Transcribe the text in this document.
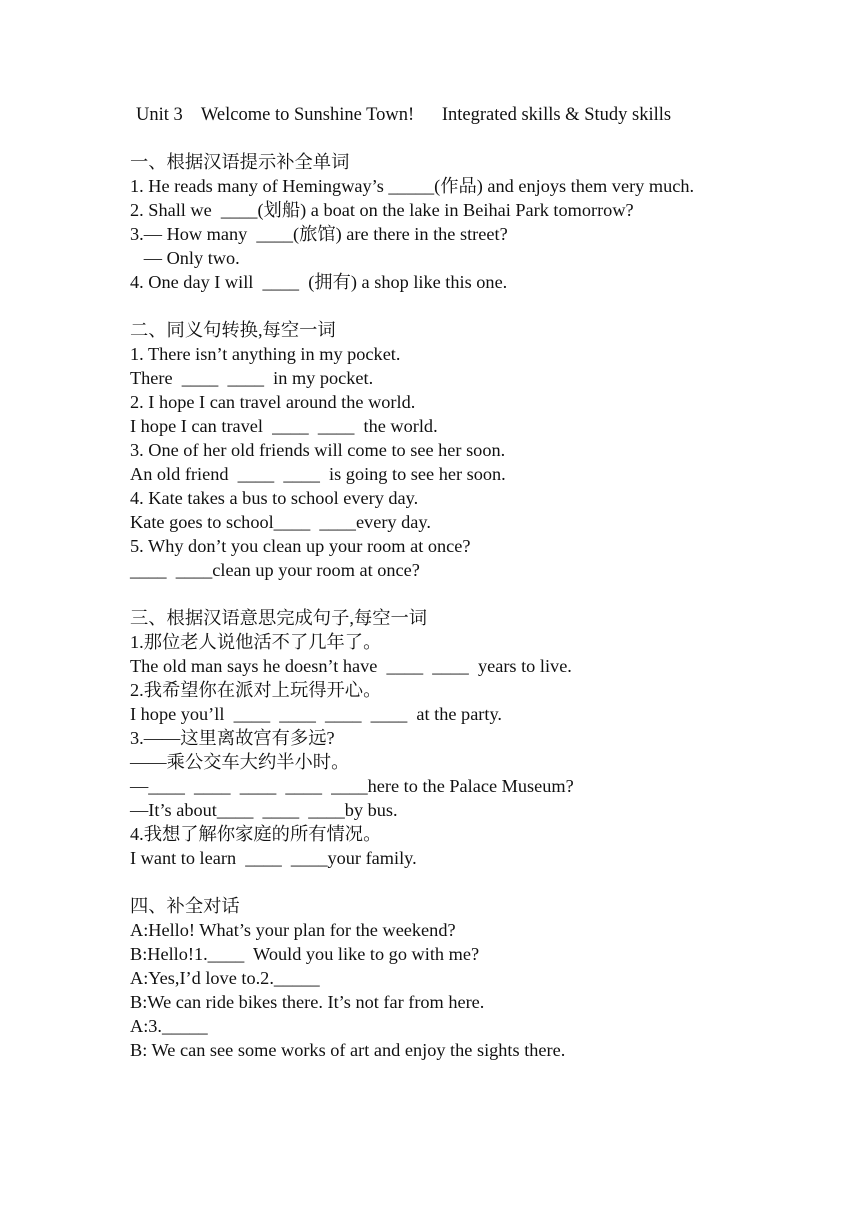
Unit 3    Welcome to Sunshine Town!      Integrated skills & Study skills
一、根据汉语提示补全单词
1. He reads many of Hemingway’s _____(作品) and enjoys them very much.
2. Shall we  ____(划船) a boat on the lake in Beihai Park tomorrow?
3.— How many  ____(旅馆) are there in the street?
— Only two.
4. One day I will  ____  (拥有) a shop like this one.
二、同义句转换,每空一词
1. There isn’t anything in my pocket.
There  ____  ____  in my pocket.
2. I hope I can travel around the world.
I hope I can travel  ____  ____  the world.
3. One of her old friends will come to see her soon.
An old friend  ____  ____  is going to see her soon.
4. Kate takes a bus to school every day.
Kate goes to school____  ____every day.
5. Why don’t you clean up your room at once?
____  ____clean up your room at once?
三、根据汉语意思完成句子,每空一词
1.那位老人说他活不了几年了。
The old man says he doesn’t have  ____  ____  years to live.
2.我希望你在派对上玩得开心。
I hope you’ll  ____  ____  ____  ____  at the party.
3.——这里离故宫有多远?
——乘公交车大约半小时。
—____  ____  ____  ____  ____here to the Palace Museum?
—It’s about____  ____  ____by bus.
4.我想了解你家庭的所有情况。
I want to learn  ____  ____your family.
四、补全对话
A:Hello! What’s your plan for the weekend?
B:Hello!1.____  Would you like to go with me?
A:Yes,I’d love to.2._____
B:We can ride bikes there. It’s not far from here.
A:3._____
B: We can see some works of art and enjoy the sights there.
